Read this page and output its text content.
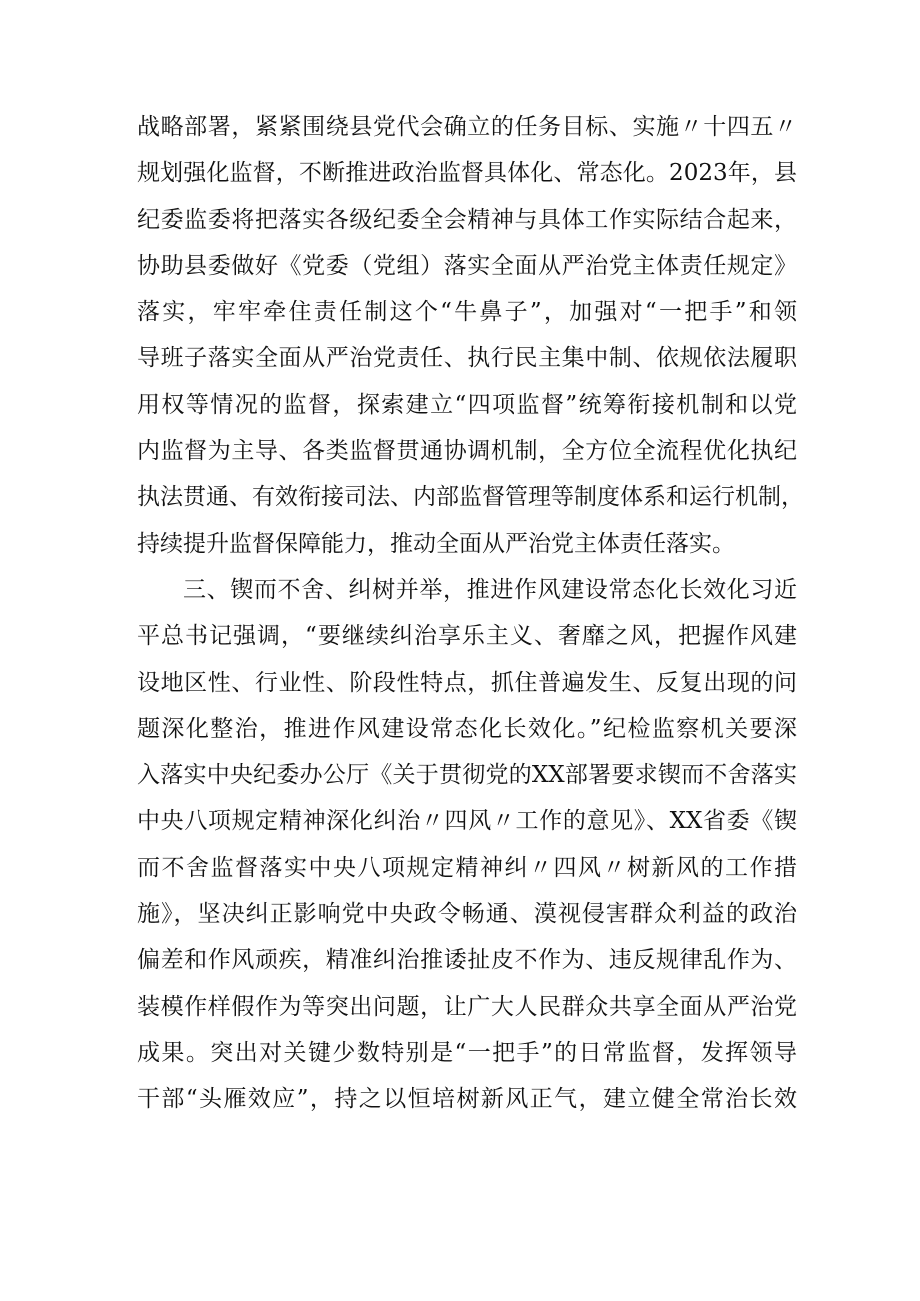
战略部署，紧紧围绕县党代会确立的任务目标、实施〃十四五〃
规划强化监督，不断推进政治监督具体化、常态化。2023年，县
纪委监委将把落实各级纪委全会精神与具体工作实际结合起来，
协助县委做好《党委（党组）落实全面从严治党主体责任规定》
落实，牢牢牵住责任制这个“牛鼻子”，加强对“一把手”和领
导班子落实全面从严治党责任、执行民主集中制、依规依法履职
用权等情况的监督，探索建立“四项监督”统筹衔接机制和以党
内监督为主导、各类监督贯通协调机制，全方位全流程优化执纪
执法贯通、有效衔接司法、内部监督管理等制度体系和运行机制，
持续提升监督保障能力，推动全面从严治党主体责任落实。
三、锲而不舍、纠树并举，推进作风建设常态化长效化习近
平总书记强调，“要继续纠治享乐主义、奢靡之风，把握作风建
设地区性、行业性、阶段性特点，抓住普遍发生、反复出现的问
题深化整治，推进作风建设常态化长效化。”纪检监察机关要深
入落实中央纪委办公厅《关于贯彻党的XX部署要求锲而不舍落实
中央八项规定精神深化纠治〃四风〃工作的意见》、XX省委《锲
而不舍监督落实中央八项规定精神纠〃四风〃树新风的工作措
施》，坚决纠正影响党中央政令畅通、漠视侵害群众利益的政治
偏差和作风顽疾，精准纠治推诿扯皮不作为、违反规律乱作为、
装模作样假作为等突出问题，让广大人民群众共享全面从严治党
成果。突出对关键少数特别是“一把手”的日常监督，发挥领导
干部“头雁效应”，持之以恒培树新风正气，建立健全常治长效
